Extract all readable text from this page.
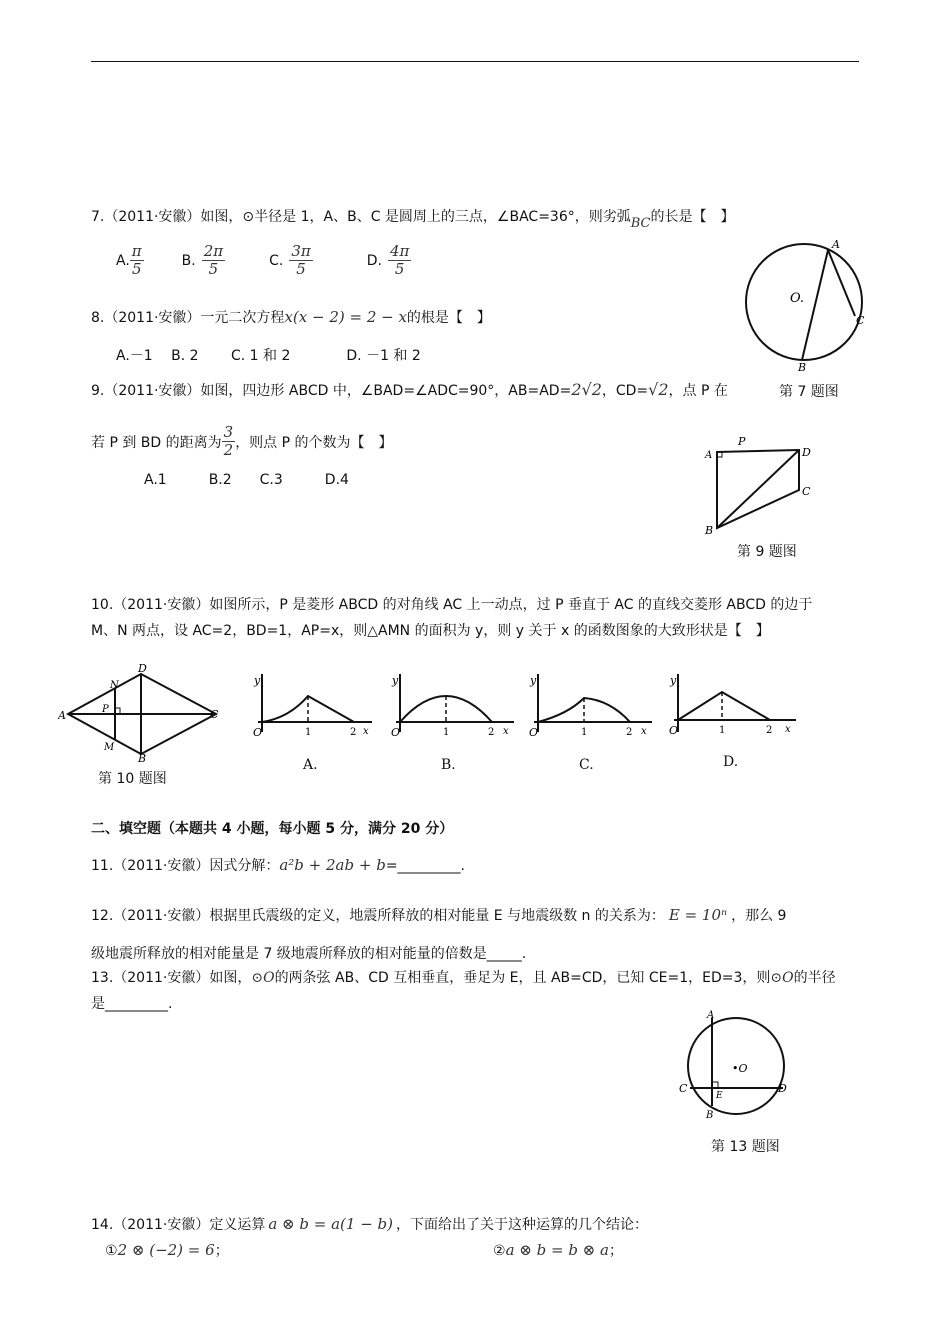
7.（2011·安徽）如图，⊙半径是 1，A、B、C 是圆周上的三点，∠BAC=36°，则劣弧BC的长是【　】
A. $\frac{\pi}{5}$	B. $\frac{2\pi}{5}$	C. $\frac{3\pi}{5}$	D. $\frac{4\pi}{5}$	A
C
B
O.
8.（2011·安徽）一元二次方程x(x − 2) = 2 − x的根是【　】
A.－1　 B. 2　　 C. 1 和 2　　　　D. －1 和 2
9.（2011·安徽）如图，四边形 ABCD 中，∠BAD=∠ADC=90°，AB=AD=2√2，CD=√2，点 P 在	第 7 题图
若 P 到 BD 的距离为 $\frac{3}{2}$ ，则点 P 的个数为【　】
A.1　　　B.2　　C.3　　　D.4
A
P
D
C
B
第 9 题图
10.（2011·安徽）如图所示，P 是菱形 ABCD 的对角线 AC 上一动点，过 P 垂直于 AC 的直线交菱形 ABCD 的边于
M、N 两点，设 AC=2，BD=1，AP=x，则△AMN 的面积为 y，则 y 关于 x 的函数图象的大致形状是【　】
A
D
C
B
N
P
M
第 10 题图
y
O	1	2 x
A.
y
O	1	2 x
B.
y
O	1	2 x
C.
y
O	1	2 x
D.
二、填空题（本题共 4 小题，每小题 5 分，满分 20 分）
11.（2011·安徽）因式分解：a²b + 2ab + b=_________.
12.（2011·安徽）根据里氏震级的定义，地震所释放的相对能量 E 与地震级数 n 的关系为： E = 10ⁿ ，那么 9
级地震所释放的相对能量是 7 级地震所释放的相对能量的倍数是_____.
13.（2011·安徽）如图，⊙O的两条弦 AB、CD 互相垂直，垂足为 E，且 AB=CD，已知 CE=1，ED=3，则⊙O的半径
是_________.
A
•O
C	D
E
B
第 13 题图
14.（2011·安徽）定义运算 a ⊗ b = a(1 − b) ，下面给出了关于这种运算的几个结论：
①2 ⊗ (−2) = 6；	②a ⊗ b = b ⊗ a；
